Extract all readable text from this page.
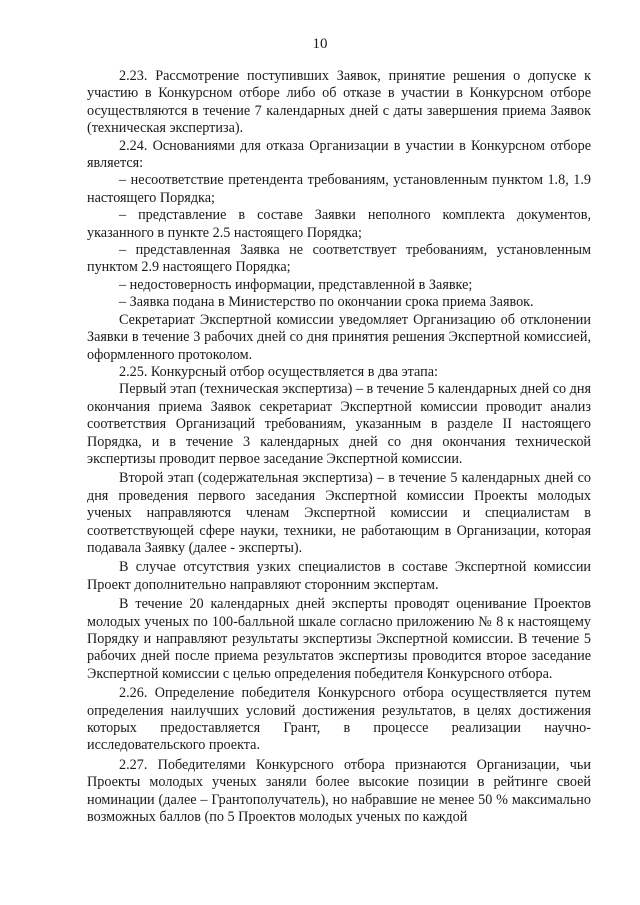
10

2.23. Рассмотрение поступивших Заявок, принятие решения о допуске к участию в Конкурсном отборе либо об отказе в участии в Конкурсном отборе осуществляются в течение 7 календарных дней с даты завершения приема Заявок (техническая экспертиза).

2.24. Основаниями для отказа Организации в участии в Конкурсном отборе является:

– несоответствие претендента требованиям, установленным пунктом 1.8, 1.9 настоящего Порядка;

– представление в составе Заявки неполного комплекта документов, указанного в пункте 2.5 настоящего Порядка;

– представленная Заявка не соответствует требованиям, установленным пунктом 2.9 настоящего Порядка;

– недостоверность информации, представленной в Заявке;

– Заявка подана в Министерство по окончании срока приема Заявок.

Секретариат Экспертной комиссии уведомляет Организацию об отклонении Заявки в течение 3 рабочих дней со дня принятия решения Экспертной комиссией, оформленного протоколом.

2.25. Конкурсный отбор осуществляется в два этапа:

Первый этап (техническая экспертиза) – в течение 5 календарных дней со дня окончания приема Заявок секретариат Экспертной комиссии проводит анализ соответствия Организаций требованиям, указанным в разделе II настоящего Порядка, и в течение 3 календарных дней со дня окончания технической экспертизы проводит первое заседание Экспертной комиссии.

Второй этап (содержательная экспертиза) – в течение 5 календарных дней со дня проведения первого заседания Экспертной комиссии Проекты молодых ученых направляются членам Экспертной комиссии и специалистам в соответствующей сфере науки, техники, не работающим в Организации, которая подавала Заявку (далее - эксперты).

В случае отсутствия узких специалистов в составе Экспертной комиссии Проект дополнительно направляют сторонним экспертам.

В течение 20 календарных дней эксперты проводят оценивание Проектов молодых ученых по 100-балльной шкале согласно приложению № 8 к настоящему Порядку и направляют результаты экспертизы Экспертной комиссии. В течение 5 рабочих дней после приема результатов экспертизы проводится второе заседание Экспертной комиссии с целью определения победителя Конкурсного отбора.

2.26. Определение победителя Конкурсного отбора осуществляется путем определения наилучших условий достижения результатов, в целях достижения которых предоставляется Грант, в процессе реализации научно-исследовательского проекта.

2.27. Победителями Конкурсного отбора признаются Организации, чьи Проекты молодых ученых заняли более высокие позиции в рейтинге своей номинации (далее – Грантополучатель), но набравшие не менее 50 % максимально возможных баллов (по 5 Проектов молодых ученых по каждой
